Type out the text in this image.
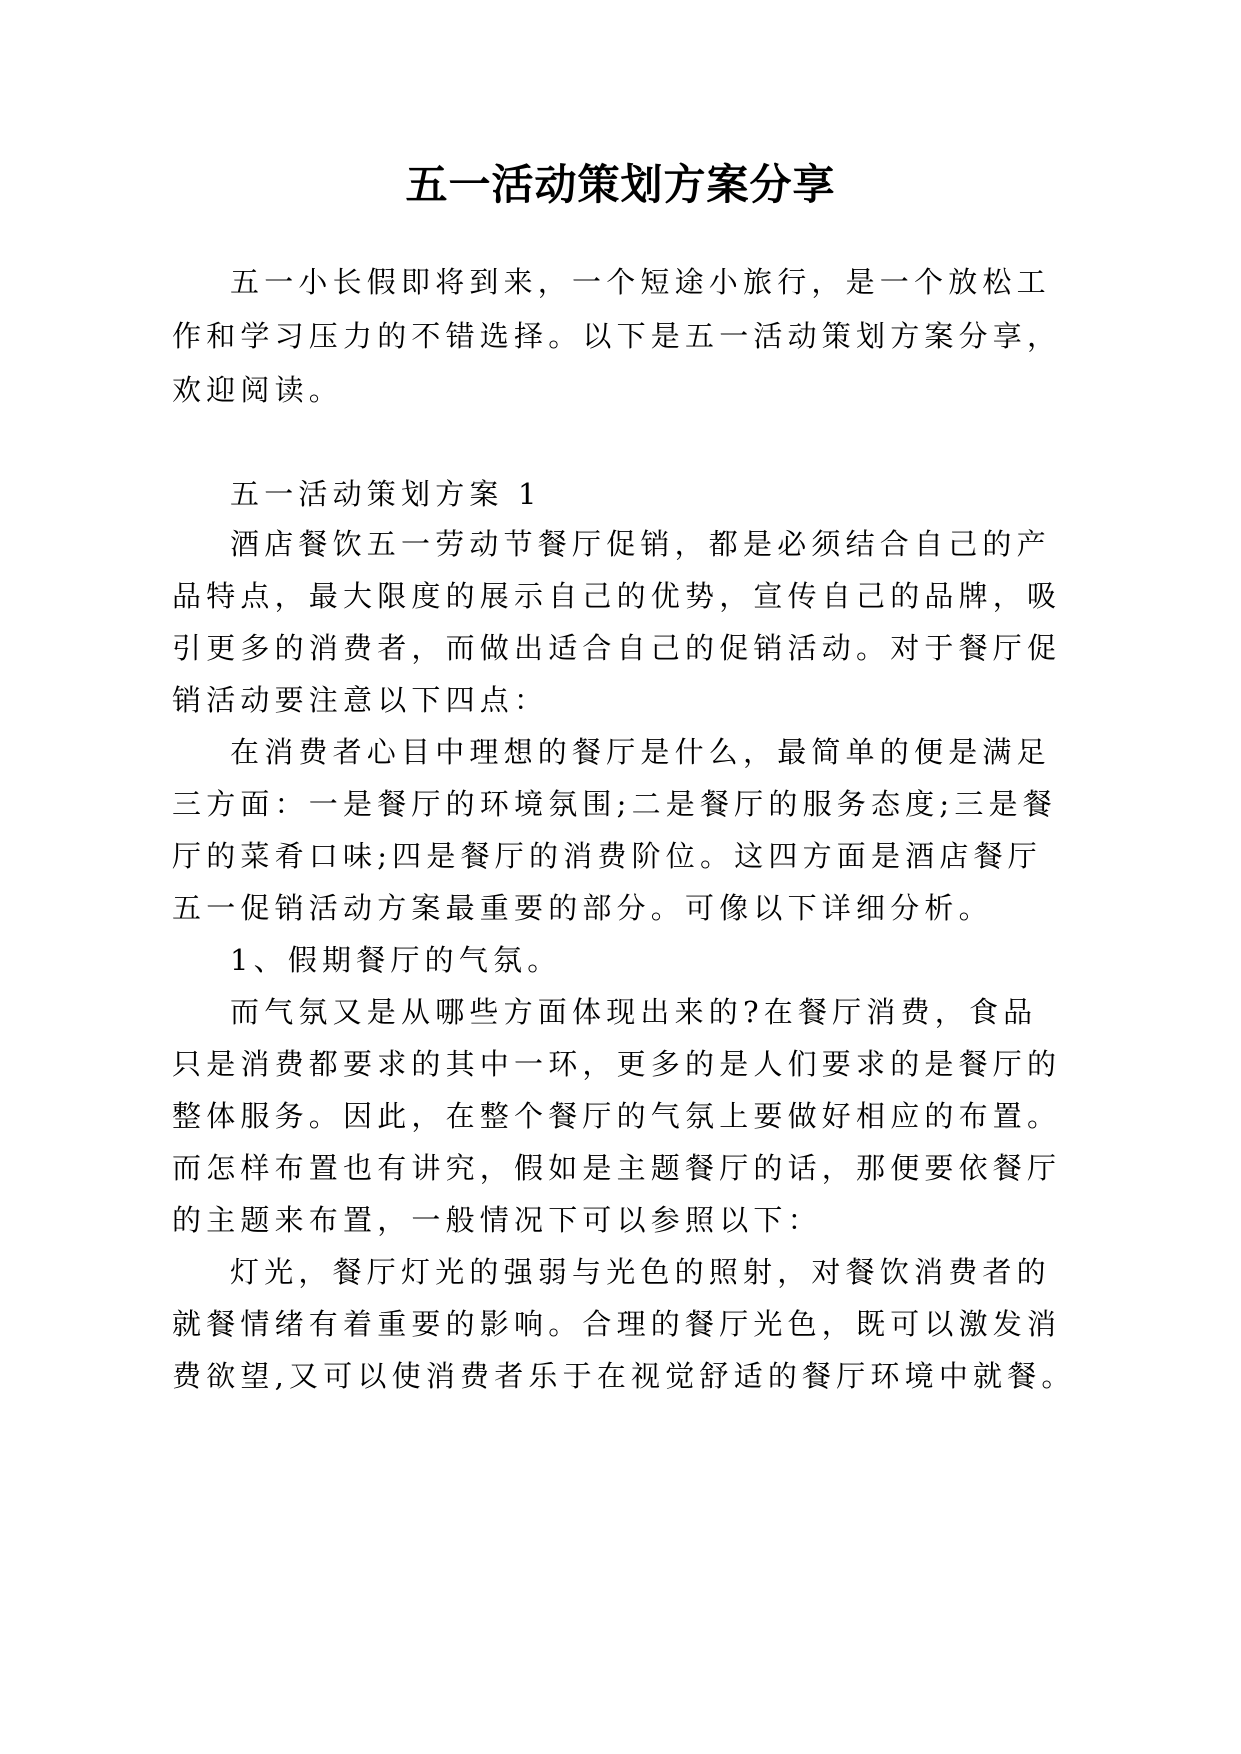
五一活动策划方案分享
五一小长假即将到来，一个短途小旅行，是一个放松工
作和学习压力的不错选择。以下是五一活动策划方案分享，
欢迎阅读。
五一活动策划方案 1
酒店餐饮五一劳动节餐厅促销，都是必须结合自己的产
品特点，最大限度的展示自己的优势，宣传自己的品牌，吸
引更多的消费者，而做出适合自己的促销活动。对于餐厅促
销活动要注意以下四点：
在消费者心目中理想的餐厅是什么，最简单的便是满足
三方面：一是餐厅的环境氛围;二是餐厅的服务态度;三是餐
厅的菜肴口味;四是餐厅的消费阶位。这四方面是酒店餐厅
五一促销活动方案最重要的部分。可像以下详细分析。
1、假期餐厅的气氛。
而气氛又是从哪些方面体现出来的?在餐厅消费，食品
只是消费都要求的其中一环，更多的是人们要求的是餐厅的
整体服务。因此，在整个餐厅的气氛上要做好相应的布置。
而怎样布置也有讲究，假如是主题餐厅的话，那便要依餐厅
的主题来布置，一般情况下可以参照以下：
灯光，餐厅灯光的强弱与光色的照射，对餐饮消费者的
就餐情绪有着重要的影响。合理的餐厅光色，既可以激发消
费欲望,又可以使消费者乐于在视觉舒适的餐厅环境中就餐。
